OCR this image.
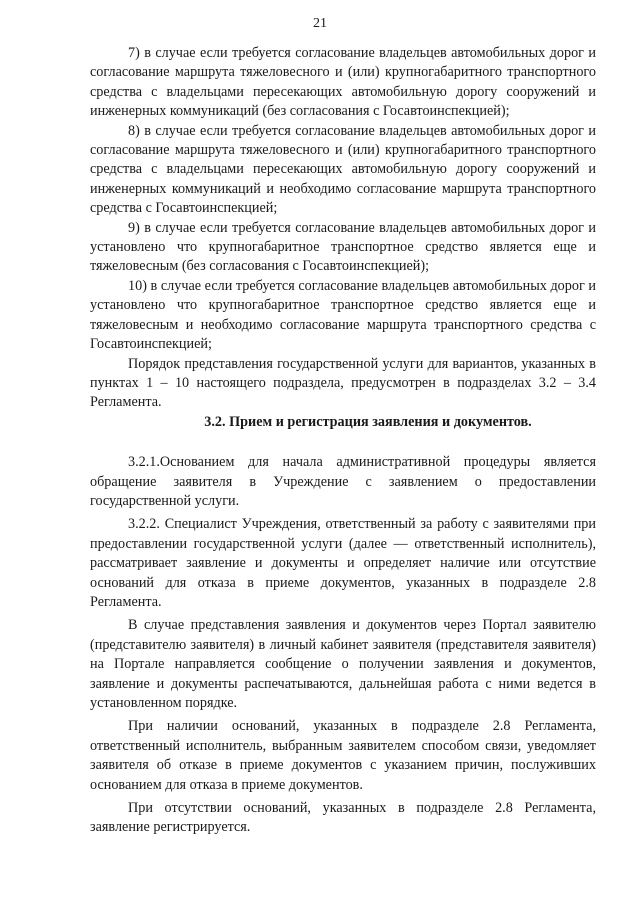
21

7) в случае если требуется согласование владельцев автомобильных дорог и согласование маршрута тяжеловесного и (или) крупногабаритного транспортного средства с владельцами пересекающих автомобильную дорогу сооружений и инженерных коммуникаций (без согласования с Госавтоинспекцией);

8) в случае если требуется согласование владельцев автомобильных дорог и согласование маршрута тяжеловесного и (или) крупногабаритного транспортного средства с владельцами пересекающих автомобильную дорогу сооружений и инженерных коммуникаций и необходимо согласование маршрута транспортного средства с Госавтоинспекцией;

9) в случае если требуется согласование владельцев автомобильных дорог и установлено что крупногабаритное транспортное средство является еще и тяжеловесным (без согласования с Госавтоинспекцией);

10) в случае если требуется согласование владельцев автомобильных дорог и установлено что крупногабаритное транспортное средство является еще и тяжеловесным и необходимо согласование маршрута транспортного средства с Госавтоинспекцией;

Порядок представления государственной услуги для вариантов, указанных в пунктах 1 – 10 настоящего подраздела, предусмотрен в подразделах 3.2 – 3.4 Регламента.

3.2. Прием и регистрация заявления и документов.

3.2.1.Основанием для начала административной процедуры является обращение заявителя в Учреждение с заявлением о предоставлении государственной услуги.

3.2.2. Специалист Учреждения, ответственный за работу с заявителями при предоставлении государственной услуги (далее — ответственный исполнитель), рассматривает заявление и документы и определяет наличие или отсутствие оснований для отказа в приеме документов, указанных в подразделе 2.8 Регламента.

В случае представления заявления и документов через Портал заявителю (представителю заявителя) в личный кабинет заявителя (представителя заявителя) на Портале направляется сообщение о получении заявления и документов, заявление и документы распечатываются, дальнейшая работа с ними ведется в установленном порядке.

При наличии оснований, указанных в подразделе 2.8 Регламента, ответственный исполнитель, выбранным заявителем способом связи, уведомляет заявителя об отказе в приеме документов с указанием причин, послуживших основанием для отказа в приеме документов.

При отсутствии оснований, указанных в подразделе 2.8 Регламента, заявление регистрируется.
